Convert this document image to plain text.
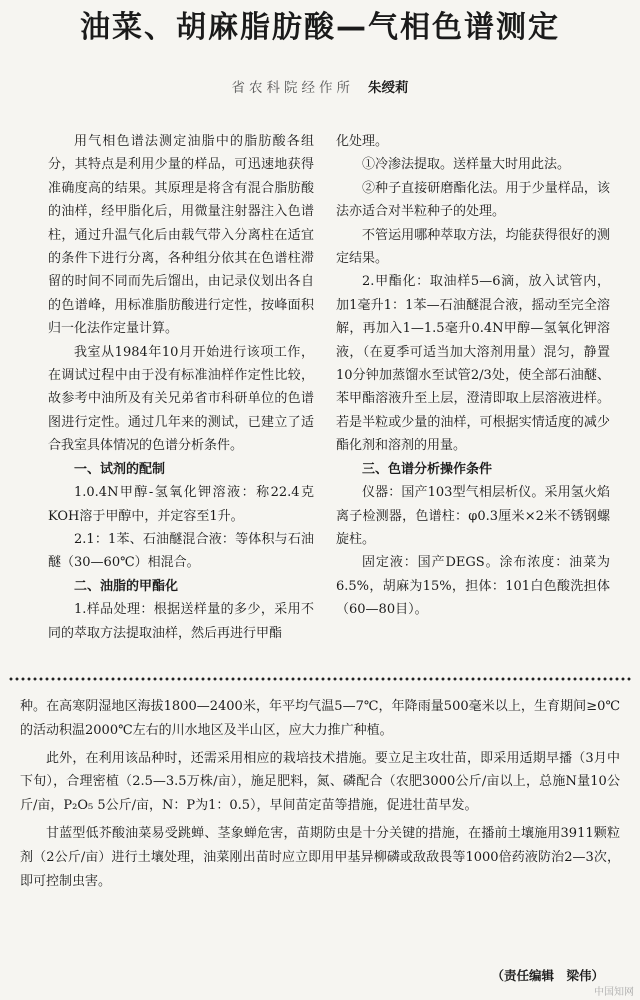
油菜、胡麻脂肪酸—气相色谱测定
省农科院经作所 朱绶莉

用气相色谱法测定油脂中的脂肪酸各组分，其特点是利用少量的样品，可迅速地获得准确度高的结果。其原理是将含有混合脂肪酸的油样，经甲脂化后，用微量注射器注入色谱柱，通过升温气化后由载气带入分离柱在适宜的条件下进行分离，各种组分依其在色谱柱滞留的时间不同而先后馏出，由记录仪划出各自的色谱峰，用标准脂肪酸进行定性，按峰面积归一化法作定量计算。

我室从1984年10月开始进行该项工作，在调试过程中由于没有标准油样作定性比较，故参考中油所及有关兄弟省市科研单位的色谱图进行定性。通过几年来的测试，已建立了适合我室具体情况的色谱分析条件。

一、试剂的配制

1.0.4N甲醇-氢氧化钾溶液：称22.4克KOH溶于甲醇中，并定容至1升。

2.1：1苯、石油醚混合液：等体积与石油醚（30—60℃）相混合。

二、油脂的甲酯化

1.样品处理：根据送样量的多少，采用不同的萃取方法提取油样，然后再进行甲酯

化处理。

①冷渗法提取。送样量大时用此法。

②种子直接研磨酯化法。用于少量样品，该法亦适合对半粒种子的处理。

不管运用哪种萃取方法，均能获得很好的测定结果。

2.甲酯化：取油样5—6滴，放入试管内，加1毫升1：1苯—石油醚混合液，摇动至完全溶解，再加入1—1.5毫升0.4N甲醇—氢氧化钾溶液，（在夏季可适当加大溶剂用量）混匀，静置10分钟加蒸馏水至试管2/3处，使全部石油醚、苯甲酯溶液升至上层，澄清即取上层溶液进样。若是半粒或少量的油样，可根据实情适度的减少酯化剂和溶剂的用量。

三、色谱分析操作条件

仪器：国产103型气相层析仪。采用氢火焰离子检测器，色谱柱：φ0.3厘米×2米不锈钢螺旋柱。

固定液：国产DEGS。涂布浓度：油菜为6.5%，胡麻为15%，担体：101白色酸洗担体（60—80目）。

种。在高寒阴湿地区海拔1800—2400米，年平均气温5—7℃，年降雨量500毫米以上，生育期间≥0℃的活动积温2000℃左右的川水地区及半山区，应大力推广种植。

此外，在利用该品种时，还需采用相应的栽培技术措施。要立足主攻壮苗，即采用适期早播（3月中下旬），合理密植（2.5—3.5万株/亩），施足肥料，氮、磷配合（农肥3000公斤/亩以上，总施N量10公斤/亩，P₂O₅ 5公斤/亩，N：P为1：0.5），早间苗定苗等措施，促进壮苗早发。

甘蓝型低芥酸油菜易受跳蝉、茎象蝉危害，苗期防虫是十分关键的措施，在播前土壤施用3911颗粒剂（2公斤/亩）进行土壤处理，油菜刚出苗时应立即用甲基异柳磷或敌敌畏等1000倍药液防治2—3次，即可控制虫害。

（责任编辑　梁伟）
中国知网
